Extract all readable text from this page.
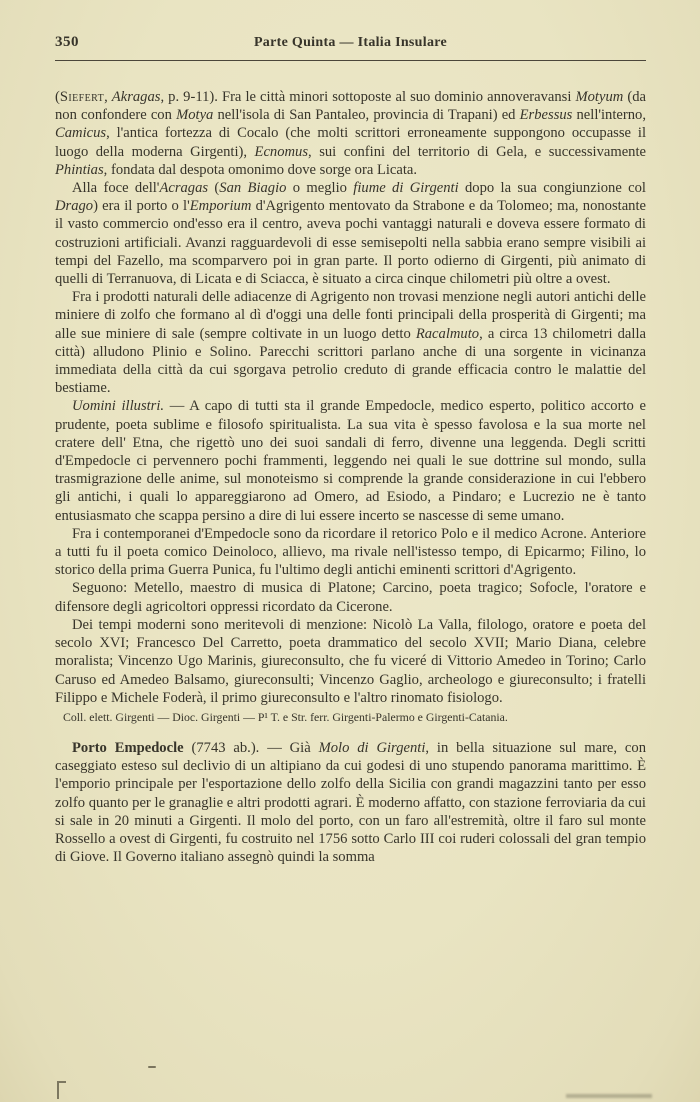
350	Parte Quinta — Italia Insulare

(Siefert, Akragas, p. 9-11). Fra le città minori sottoposte al suo dominio annoveravansi Motyum (da non confondere con Motya nell'isola di San Pantaleo, provincia di Trapani) ed Erbessus nell'interno, Camicus, l'antica fortezza di Cocalo (che molti scrittori erroneamente suppongono occupasse il luogo della moderna Girgenti), Ecnomus, sui confini del territorio di Gela, e successivamente Phintias, fondata dal despota omonimo dove sorge ora Licata.

Alla foce dell'Acragas (San Biagio o meglio fiume di Girgenti dopo la sua congiunzione col Drago) era il porto o l'Emporium d'Agrigento mentovato da Strabone e da Tolomeo; ma, nonostante il vasto commercio ond'esso era il centro, aveva pochi vantaggi naturali e doveva essere formato di costruzioni artificiali. Avanzi ragguardevoli di esse semisepolti nella sabbia erano sempre visibili ai tempi del Fazello, ma scomparvero poi in gran parte. Il porto odierno di Girgenti, più animato di quelli di Terranuova, di Licata e di Sciacca, è situato a circa cinque chilometri più oltre a ovest.

Fra i prodotti naturali delle adiacenze di Agrigento non trovasi menzione negli autori antichi delle miniere di zolfo che formano al dì d'oggi una delle fonti principali della prosperità di Girgenti; ma alle sue miniere di sale (sempre coltivate in un luogo detto Racalmuto, a circa 13 chilometri dalla città) alludono Plinio e Solino. Parecchi scrittori parlano anche di una sorgente in vicinanza immediata della città da cui sgorgava petrolio creduto di grande efficacia contro le malattie del bestiame.

Uomini illustri. — A capo di tutti sta il grande Empedocle, medico esperto, politico accorto e prudente, poeta sublime e filosofo spiritualista. La sua vita è spesso favolosa e la sua morte nel cratere dell' Etna, che rigettò uno dei suoi sandali di ferro, divenne una leggenda. Degli scritti d'Empedocle ci pervennero pochi frammenti, leggendo nei quali le sue dottrine sul mondo, sulla trasmigrazione delle anime, sul monoteismo si comprende la grande considerazione in cui l'ebbero gli antichi, i quali lo appareggiarono ad Omero, ad Esiodo, a Pindaro; e Lucrezio ne è tanto entusiasmato che scappa persino a dire di lui essere incerto se nascesse di seme umano.

Fra i contemporanei d'Empedocle sono da ricordare il retorico Polo e il medico Acrone. Anteriore a tutti fu il poeta comico Deinoloco, allievo, ma rivale nell'istesso tempo, di Epicarmo; Filino, lo storico della prima Guerra Punica, fu l'ultimo degli antichi eminenti scrittori d'Agrigento.

Seguono: Metello, maestro di musica di Platone; Carcino, poeta tragico; Sofocle, l'oratore e difensore degli agricoltori oppressi ricordato da Cicerone.

Dei tempi moderni sono meritevoli di menzione: Nicolò La Valla, filologo, oratore e poeta del secolo XVI; Francesco Del Carretto, poeta drammatico del secolo XVII; Mario Diana, celebre moralista; Vincenzo Ugo Marinis, giureconsulto, che fu viceré di Vittorio Amedeo in Torino; Carlo Caruso ed Amedeo Balsamo, giureconsulti; Vincenzo Gaglio, archeologo e giureconsulto; i fratelli Filippo e Michele Foderà, il primo giureconsulto e l'altro rinomato fisiologo.

Coll. elett. Girgenti — Dioc. Girgenti — P¹ T. e Str. ferr. Girgenti-Palermo e Girgenti-Catania.

Porto Empedocle (7743 ab.). — Già Molo di Girgenti, in bella situazione sul mare, con caseggiato esteso sul declivio di un altipiano da cui godesi di uno stupendo panorama marittimo. È l'emporio principale per l'esportazione dello zolfo della Sicilia con grandi magazzini tanto per esso zolfo quanto per le granaglie e altri prodotti agrari. È moderno affatto, con stazione ferroviaria da cui si sale in 20 minuti a Girgenti. Il molo del porto, con un faro all'estremità, oltre il faro sul monte Rossello a ovest di Girgenti, fu costruito nel 1756 sotto Carlo III coi ruderi colossali del gran tempio di Giove. Il Governo italiano assegnò quindi la somma
